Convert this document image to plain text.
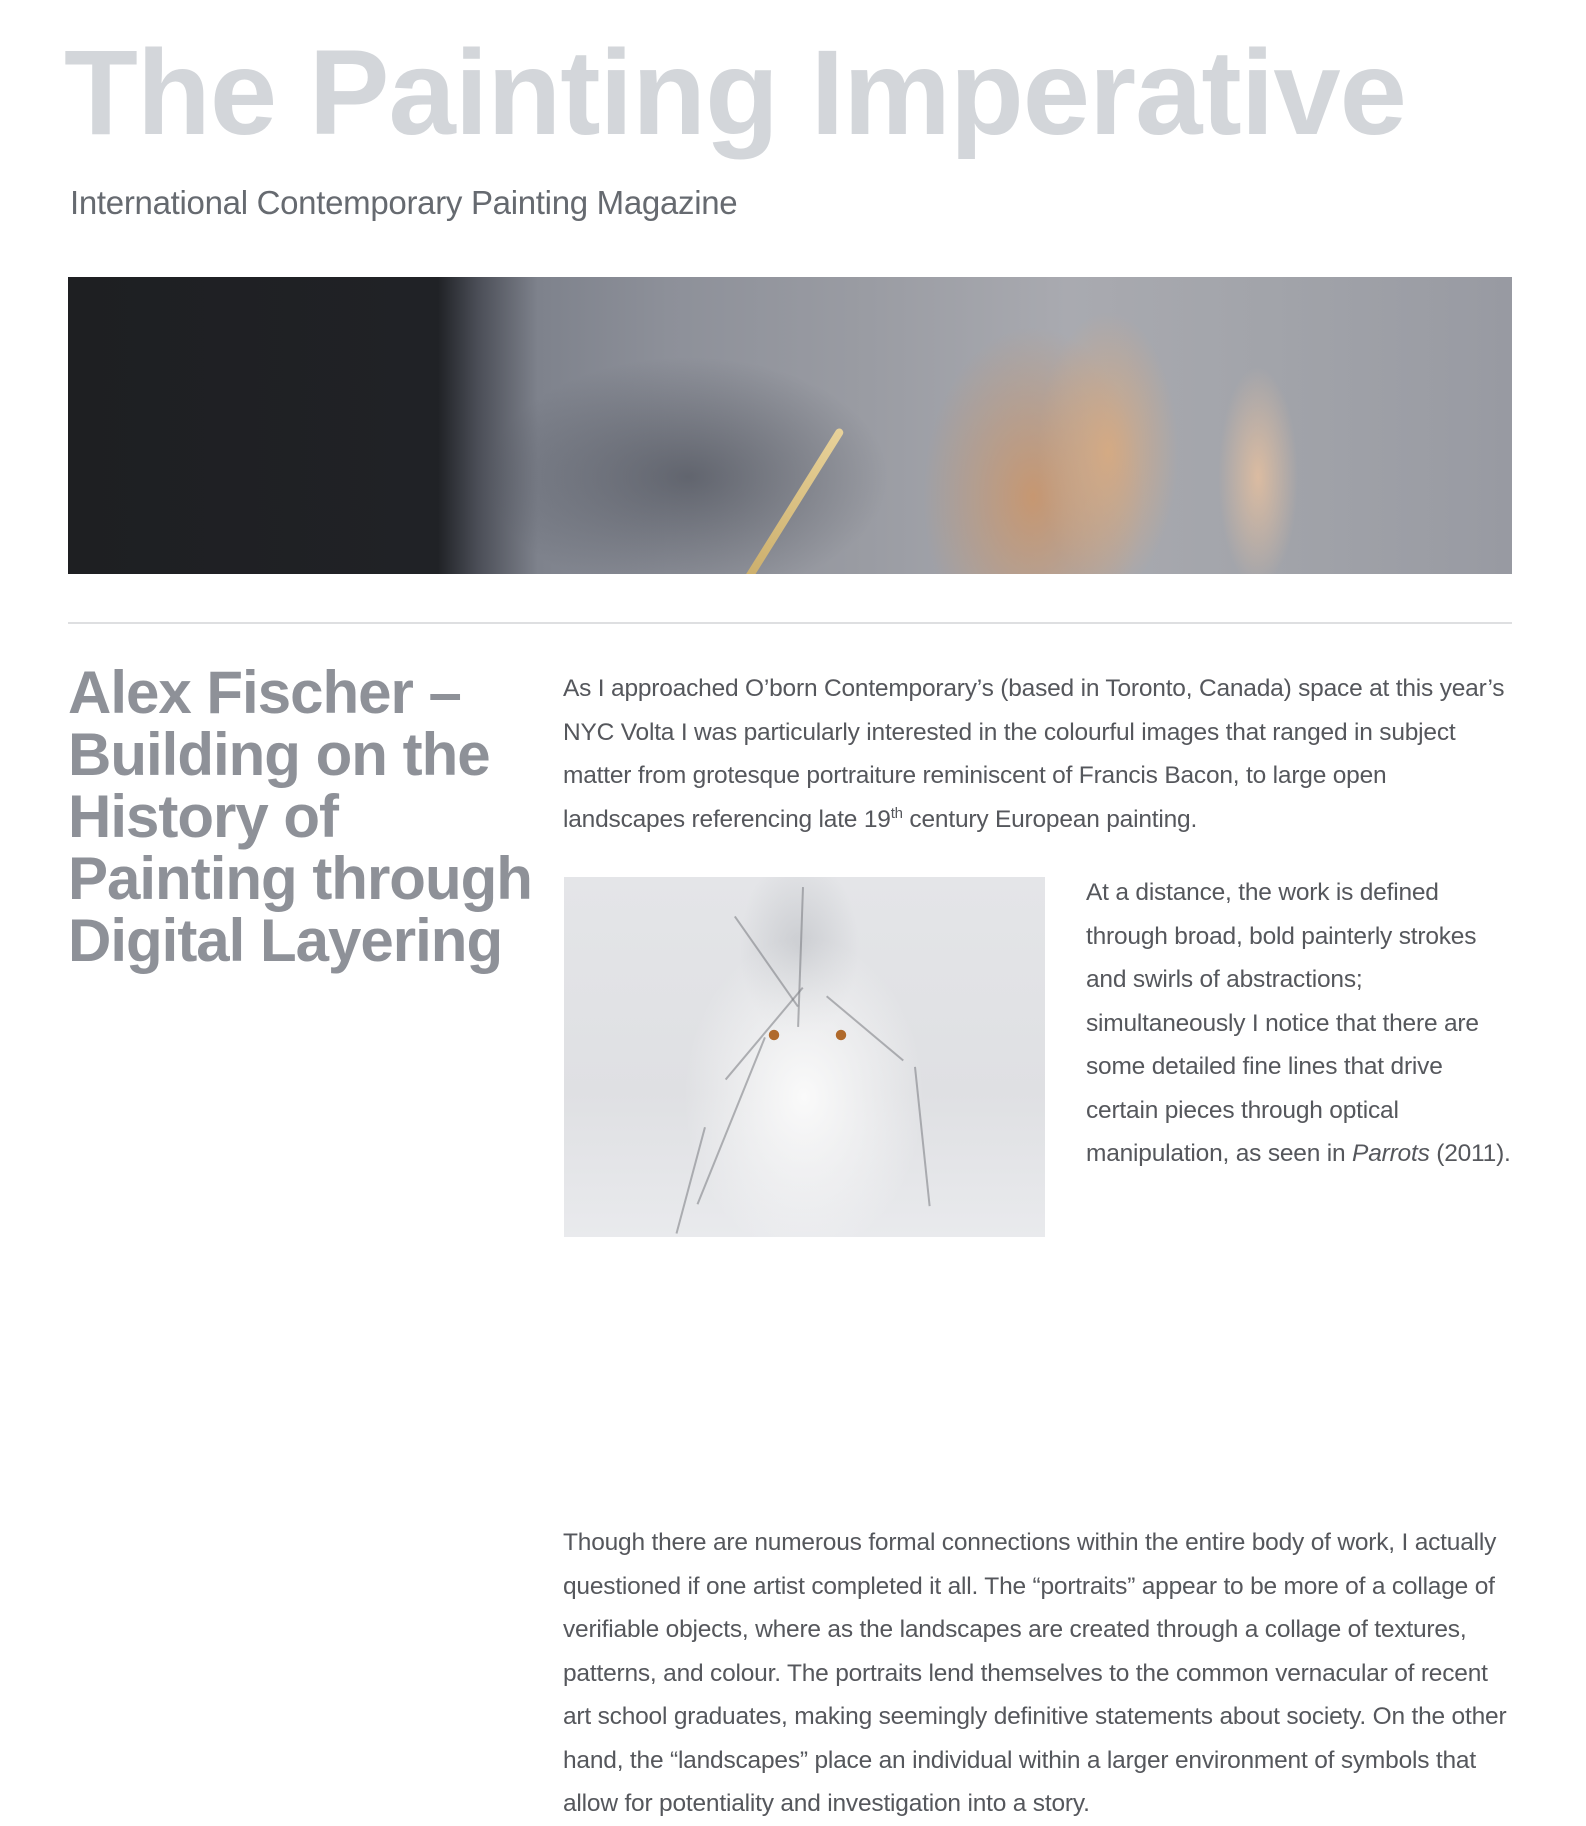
The Painting Imperative

International Contemporary Painting Magazine

Alex Fischer – Building on the History of Painting through Digital Layering

As I approached O’born Contemporary’s (based in Toronto, Canada) space at this year’s NYC Volta I was particularly interested in the colourful images that ranged in subject matter from grotesque portraiture reminiscent of Francis Bacon, to large open landscapes referencing late 19th century European painting.

At a distance, the work is defined through broad, bold painterly strokes and swirls of abstractions; simultaneously I notice that there are some detailed fine lines that drive certain pieces through optical manipulation, as seen in Parrots (2011).

Though there are numerous formal connections within the entire body of work, I actually questioned if one artist completed it all. The “portraits” appear to be more of a collage of verifiable objects, where as the landscapes are created through a collage of textures, patterns, and colour. The portraits lend themselves to the common vernacular of recent art school graduates, making seemingly definitive statements about society. On the other hand, the “landscapes” place an individual within a larger environment of symbols that allow for potentiality and investigation into a story.
